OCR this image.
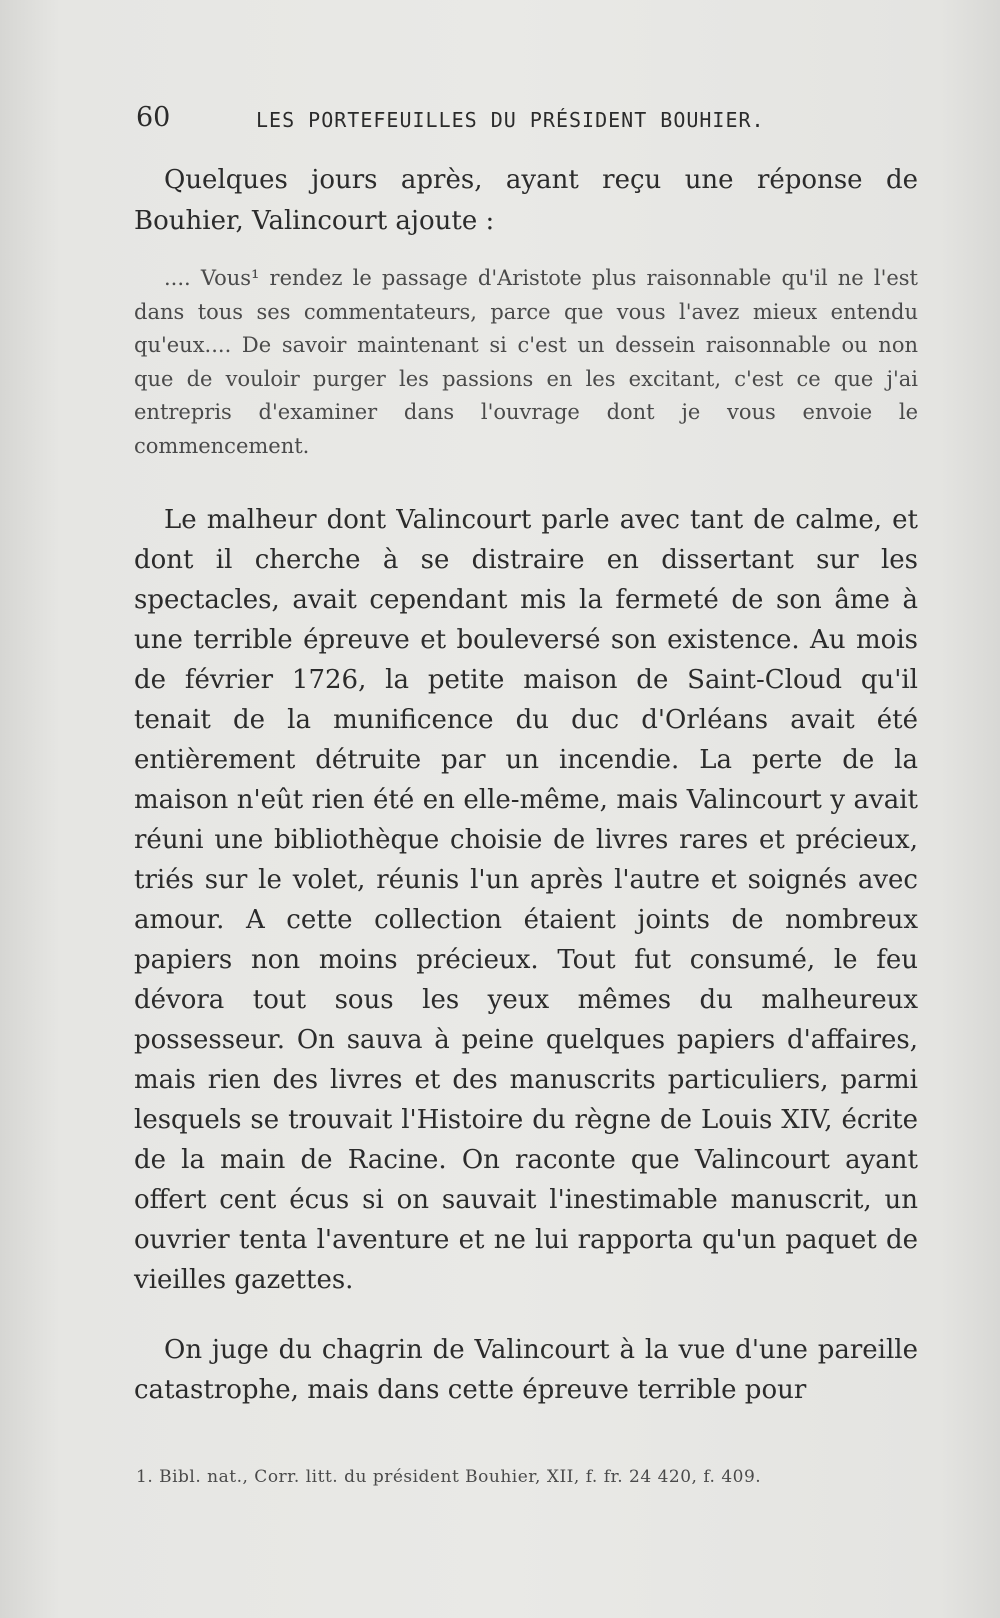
60	LES PORTEFEUILLES DU PRÉSIDENT BOUHIER.

Quelques jours après, ayant reçu une réponse de Bouhier, Valincourt ajoute :

.... Vous¹ rendez le passage d'Aristote plus raisonnable qu'il ne l'est dans tous ses commentateurs, parce que vous l'avez mieux entendu qu'eux.... De savoir maintenant si c'est un dessein raisonnable ou non que de vouloir purger les passions en les excitant, c'est ce que j'ai entrepris d'examiner dans l'ouvrage dont je vous envoie le commencement.

Le malheur dont Valincourt parle avec tant de calme, et dont il cherche à se distraire en dissertant sur les spectacles, avait cependant mis la fermeté de son âme à une terrible épreuve et bouleversé son existence. Au mois de février 1726, la petite maison de Saint-Cloud qu'il tenait de la munificence du duc d'Orléans avait été entièrement détruite par un incendie. La perte de la maison n'eût rien été en elle-même, mais Valincourt y avait réuni une bibliothèque choisie de livres rares et précieux, triés sur le volet, réunis l'un après l'autre et soignés avec amour. A cette collection étaient joints de nombreux papiers non moins précieux. Tout fut consumé, le feu dévora tout sous les yeux mêmes du malheureux possesseur. On sauva à peine quelques papiers d'affaires, mais rien des livres et des manuscrits particuliers, parmi lesquels se trouvait l'Histoire du règne de Louis XIV, écrite de la main de Racine. On raconte que Valincourt ayant offert cent écus si on sauvait l'inestimable manuscrit, un ouvrier tenta l'aventure et ne lui rapporta qu'un paquet de vieilles gazettes.

On juge du chagrin de Valincourt à la vue d'une pareille catastrophe, mais dans cette épreuve terrible pour

1. Bibl. nat., Corr. litt. du président Bouhier, XII, f. fr. 24 420, f. 409.
